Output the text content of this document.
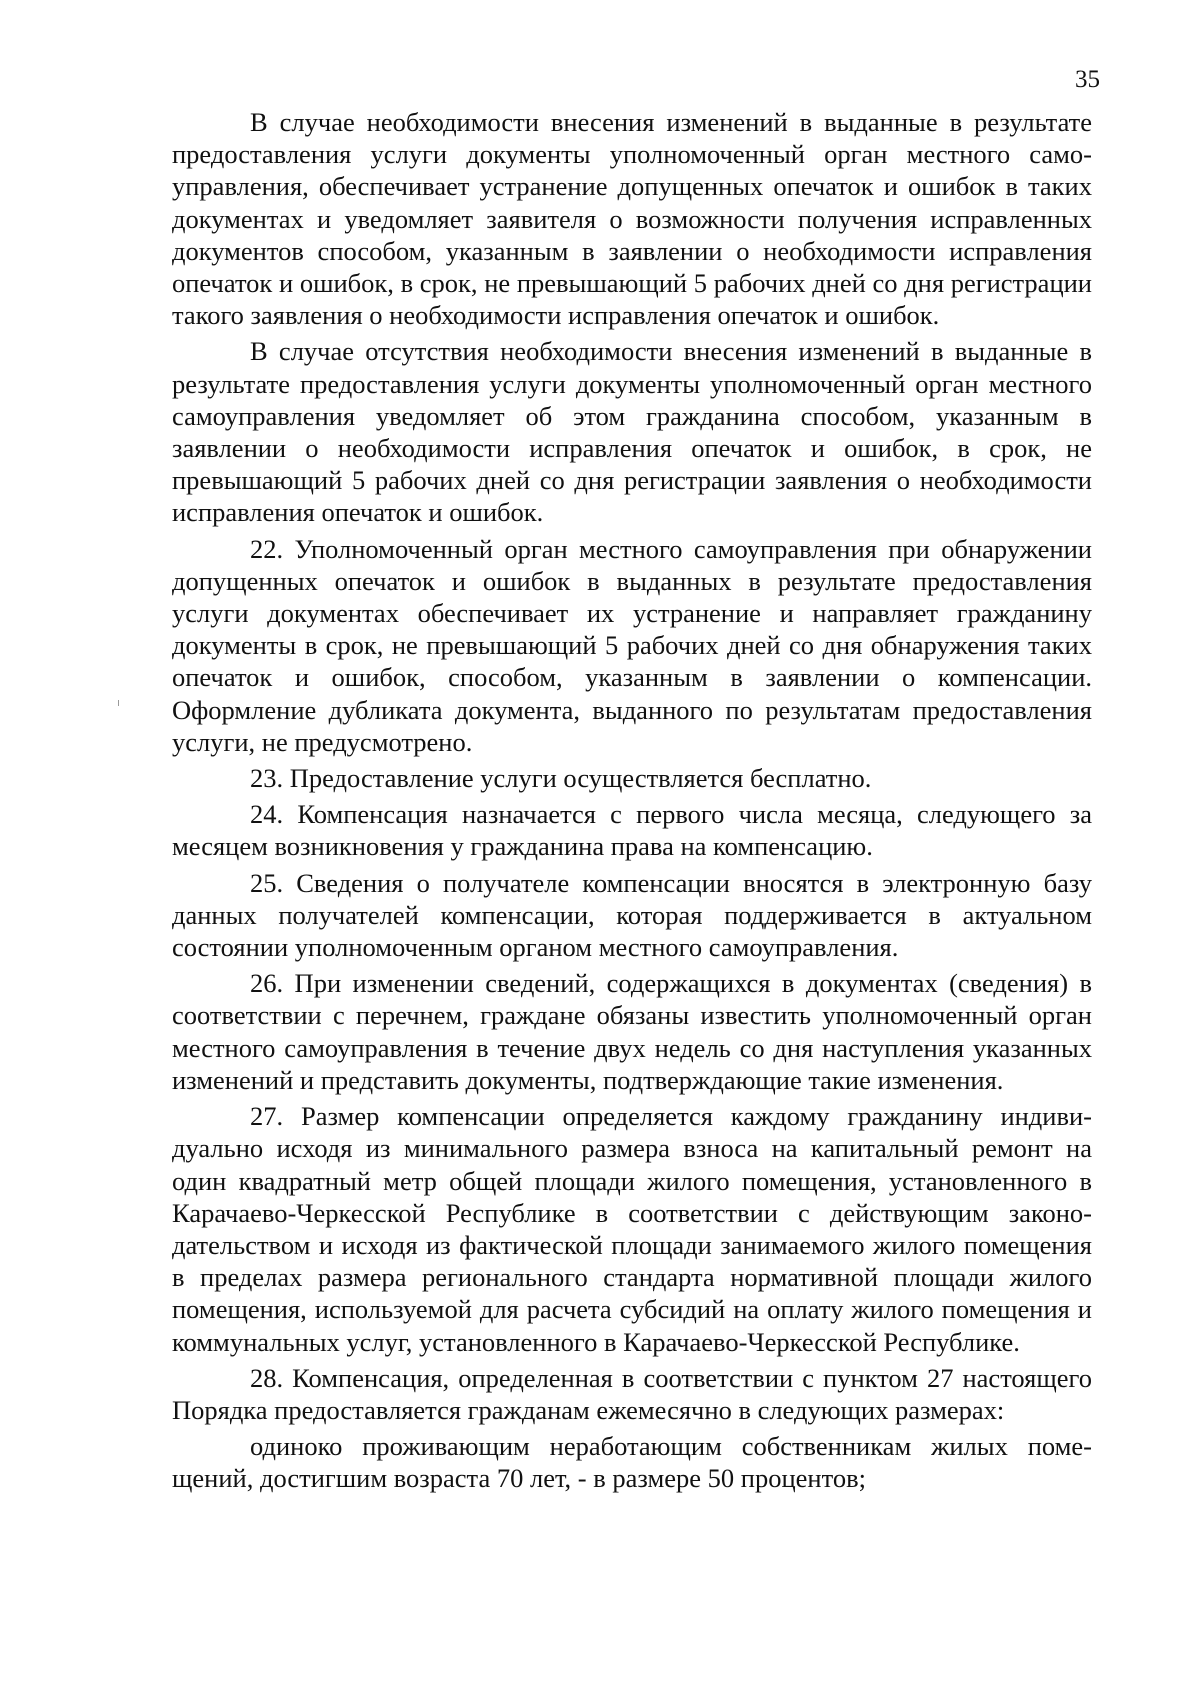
35

В случае необходимости внесения изменений в выданные в результате предоставления услуги документы уполномоченный орган местного самоуправления, обеспечивает устранение допущенных опечаток и ошибок в таких документах и уведомляет заявителя о возможности получения исправленных документов способом, указанным в заявлении о необходимости исправления опечаток и ошибок, в срок, не превышающий 5 рабочих дней со дня регистрации такого заявления о необходимости исправления опечаток и ошибок.

В случае отсутствия необходимости внесения изменений в выданные в результате предоставления услуги документы уполномоченный орган местного самоуправления уведомляет об этом гражданина способом, указанным в заявлении о необходимости исправления опечаток и ошибок, в срок, не превышающий 5 рабочих дней со дня регистрации заявления о необходимости исправления опечаток и ошибок.

22. Уполномоченный орган местного самоуправления при обнаружении допущенных опечаток и ошибок в выданных в результате предоставления услуги документах обеспечивает их устранение и направляет гражданину документы в срок, не превышающий 5 рабочих дней со дня обнаружения таких опечаток и ошибок, способом, указанным в заявлении о компенсации. Оформление дубликата документа, выданного по результатам предоставления услуги, не предусмотрено.

23. Предоставление услуги осуществляется бесплатно.

24. Компенсация назначается с первого числа месяца, следующего за месяцем возникновения у гражданина права на компенсацию.

25. Сведения о получателе компенсации вносятся в электронную базу данных получателей компенсации, которая поддерживается в актуальном состоянии уполномоченным органом местного самоуправления.

26. При изменении сведений, содержащихся в документах (сведения) в соответствии с перечнем, граждане обязаны известить уполномоченный орган местного самоуправления в течение двух недель со дня наступления указанных изменений и представить документы, подтверждающие такие изменения.

27. Размер компенсации определяется каждому гражданину индивидуально исходя из минимального размера взноса на капитальный ремонт на один квадратный метр общей площади жилого помещения, установленного в Карачаево-Черкесской Республике в соответствии с действующим законодательством и исходя из фактической площади занимаемого жилого помещения в пределах размера регионального стандарта нормативной площади жилого помещения, используемой для расчета субсидий на оплату жилого помещения и коммунальных услуг, установленного в Карачаево-Черкесской Республике.

28. Компенсация, определенная в соответствии с пунктом 27 настоящего Порядка предоставляется гражданам ежемесячно в следующих размерах:

одиноко проживающим неработающим собственникам жилых помещений, достигшим возраста 70 лет, - в размере 50 процентов;
